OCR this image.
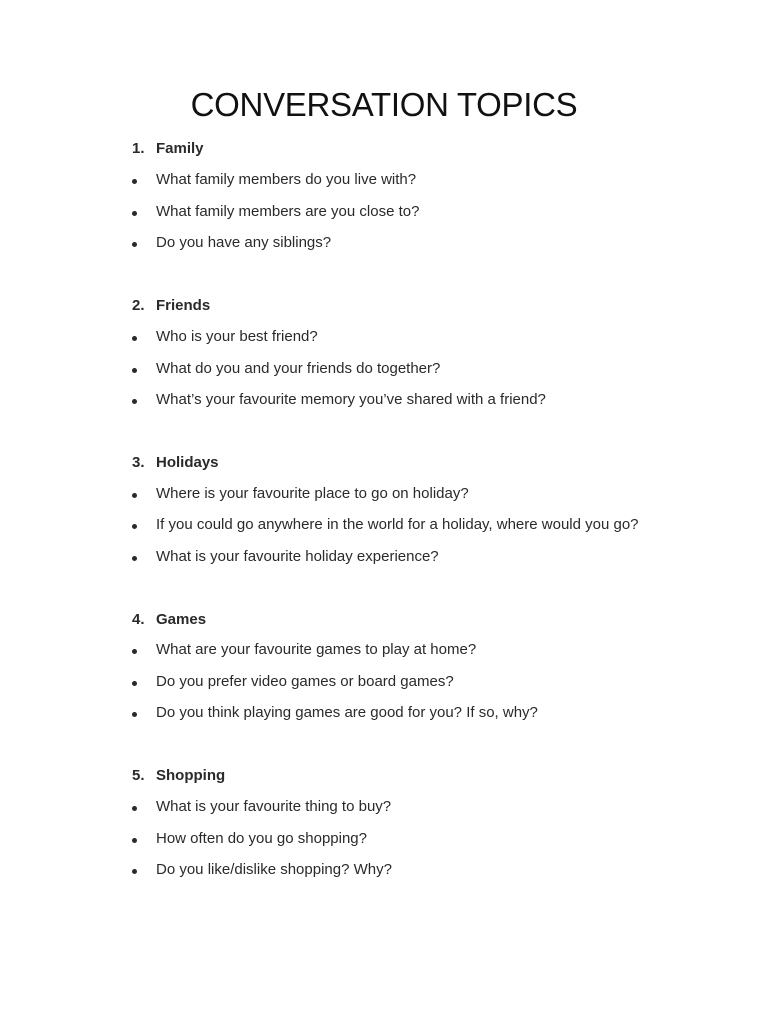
CONVERSATION TOPICS
1. Family
What family members do you live with?
What family members are you close to?
Do you have any siblings?
2. Friends
Who is your best friend?
What do you and your friends do together?
What’s your favourite memory you’ve shared with a friend?
3. Holidays
Where is your favourite place to go on holiday?
If you could go anywhere in the world for a holiday, where would you go?
What is your favourite holiday experience?
4. Games
What are your favourite games to play at home?
Do you prefer video games or board games?
Do you think playing games are good for you? If so, why?
5. Shopping
What is your favourite thing to buy?
How often do you go shopping?
Do you like/dislike shopping? Why?
